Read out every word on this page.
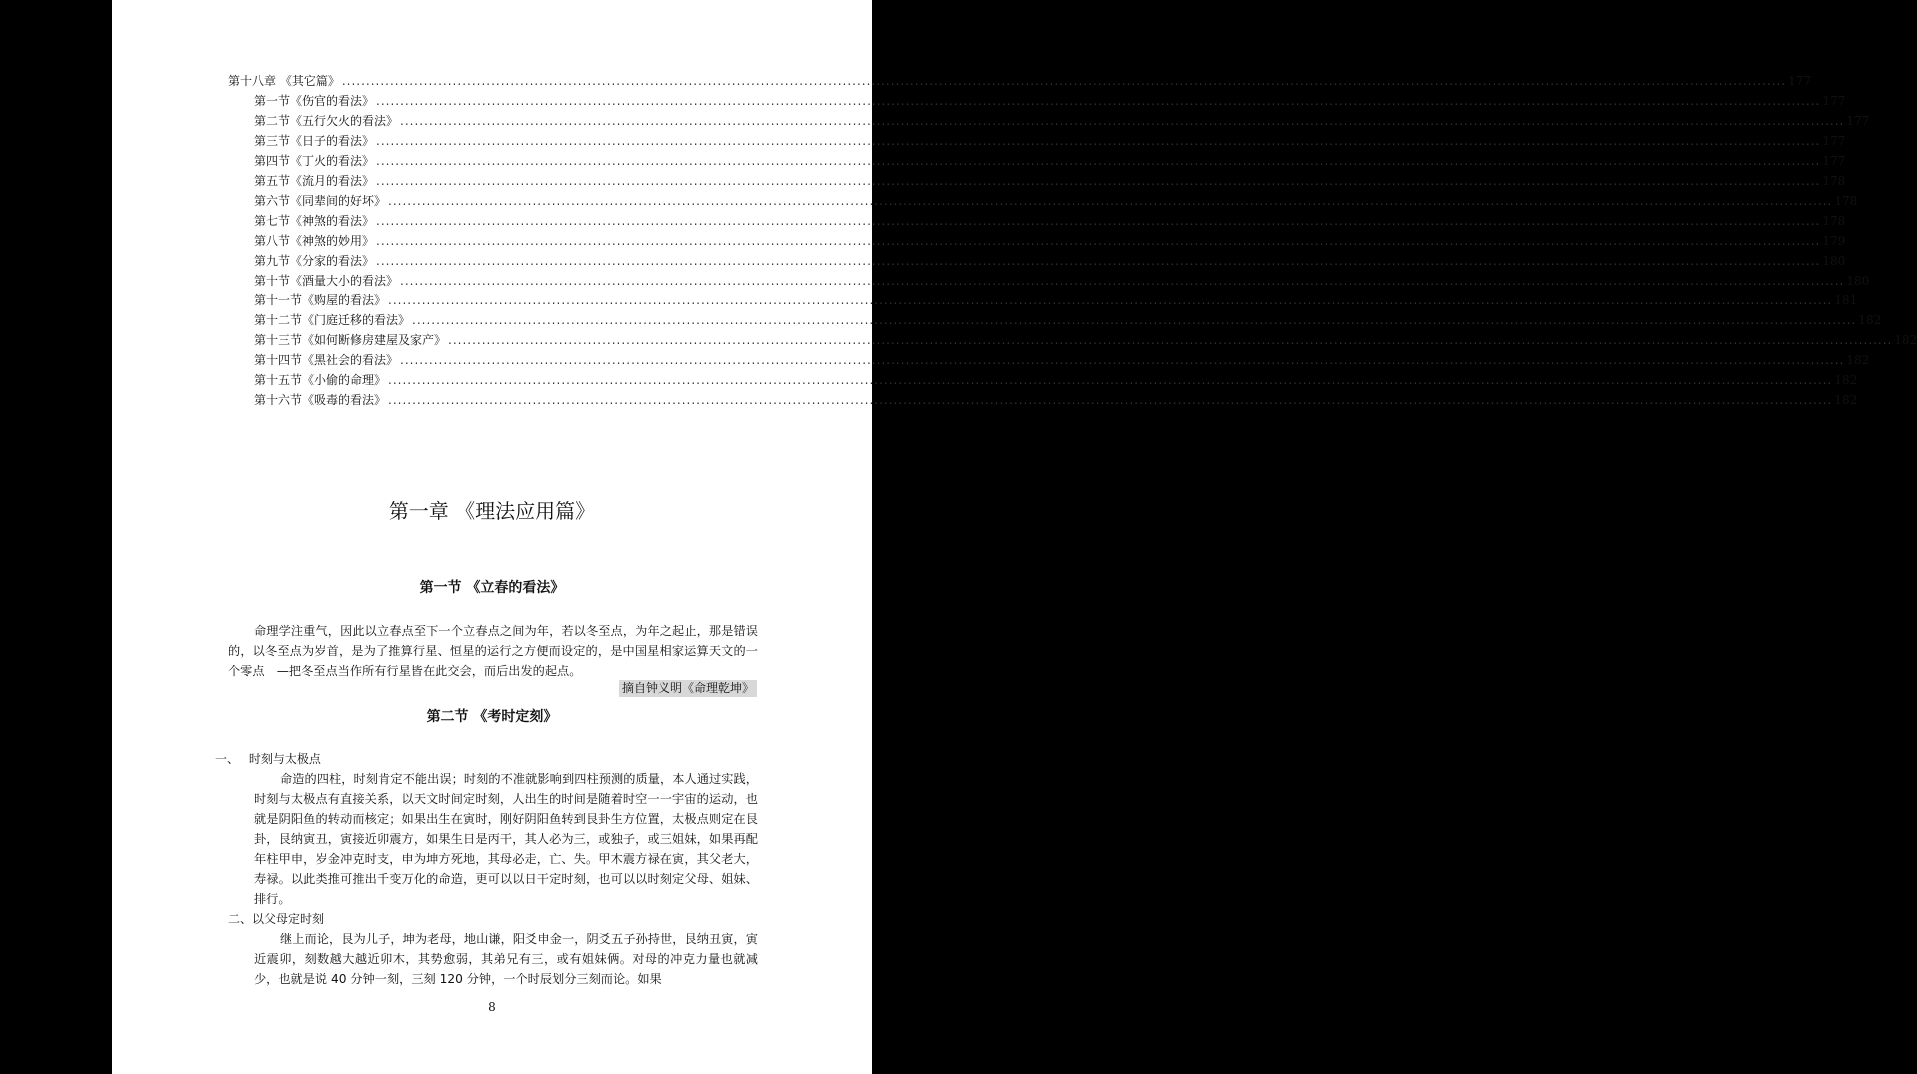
第十八章 《其它篇》 ............................................................................................................................................................................................................................................................................................................ 177
第一节《伤官的看法》 ............................................................................................................................................................................................................................................................................................................ 177
第二节《五行欠火的看法》 ............................................................................................................................................................................................................................................................................................................ 177
第三节《日子的看法》 ............................................................................................................................................................................................................................................................................................................ 177
第四节《丁火的看法》 ............................................................................................................................................................................................................................................................................................................ 177
第五节《流月的看法》 ............................................................................................................................................................................................................................................................................................................ 178
第六节《同辈间的好坏》 ............................................................................................................................................................................................................................................................................................................ 178
第七节《神煞的看法》 ............................................................................................................................................................................................................................................................................................................ 178
第八节《神煞的妙用》 ............................................................................................................................................................................................................................................................................................................ 179
第九节《分家的看法》 ............................................................................................................................................................................................................................................................................................................ 180
第十节《酒量大小的看法》 ............................................................................................................................................................................................................................................................................................................ 180
第十一节《购屋的看法》 ............................................................................................................................................................................................................................................................................................................ 181
第十二节《门庭迁移的看法》 ............................................................................................................................................................................................................................................................................................................ 182
第十三节《如何断修房建屋及家产》 ............................................................................................................................................................................................................................................................................................................ 182
第十四节《黑社会的看法》 ............................................................................................................................................................................................................................................................................................................ 182
第十五节《小偷的命理》 ............................................................................................................................................................................................................................................................................................................ 182
第十六节《吸毒的看法》 ............................................................................................................................................................................................................................................................................................................ 182
第一章 《理法应用篇》
第一节 《立春的看法》

命理学注重气，因此以立春点至下一个立春点之间为年，若以冬至点，为年之起止，那是错误的，以冬至点为岁首，是为了推算行星、恒星的运行之方便而设定的，是中国星相家运算天文的一个零点　—把冬至点当作所有行星皆在此交会，而后出发的起点。

摘自钟义明《命理乾坤》
第二节 《考时定刻》
一、　 时刻与太极点

命造的四柱，时刻肯定不能出误；时刻的不准就影响到四柱预测的质量，本人通过实践，时刻与太极点有直接关系，以天文时间定时刻，人出生的时间是随着时空一一宇宙的运动，也就是阴阳鱼的转动而核定；如果出生在寅时，刚好阴阳鱼转到艮卦生方位置，太极点则定在艮卦，艮纳寅丑，寅接近卯震方，如果生日是丙干，其人必为三，或独子，或三姐妹，如果再配年柱甲申，岁金冲克时支，申为坤方死地，其母必走，亡、失。甲木震方禄在寅，其父老大，寿禄。以此类推可推出千变万化的命造，更可以以日干定时刻，也可以以时刻定父母、姐妹、排行。

二、以父母定时刻

继上而论，艮为儿子，坤为老母，地山谦，阳爻申金一，阴爻五子孙持世，艮纳丑寅，寅近震卯，刻数越大越近卯木，其势愈弱，其弟兄有三，或有姐妹俩。对母的冲克力量也就减少，也就是说 40 分钟一刻，三刻 120 分钟，一个时辰划分三刻而论。如果

8
